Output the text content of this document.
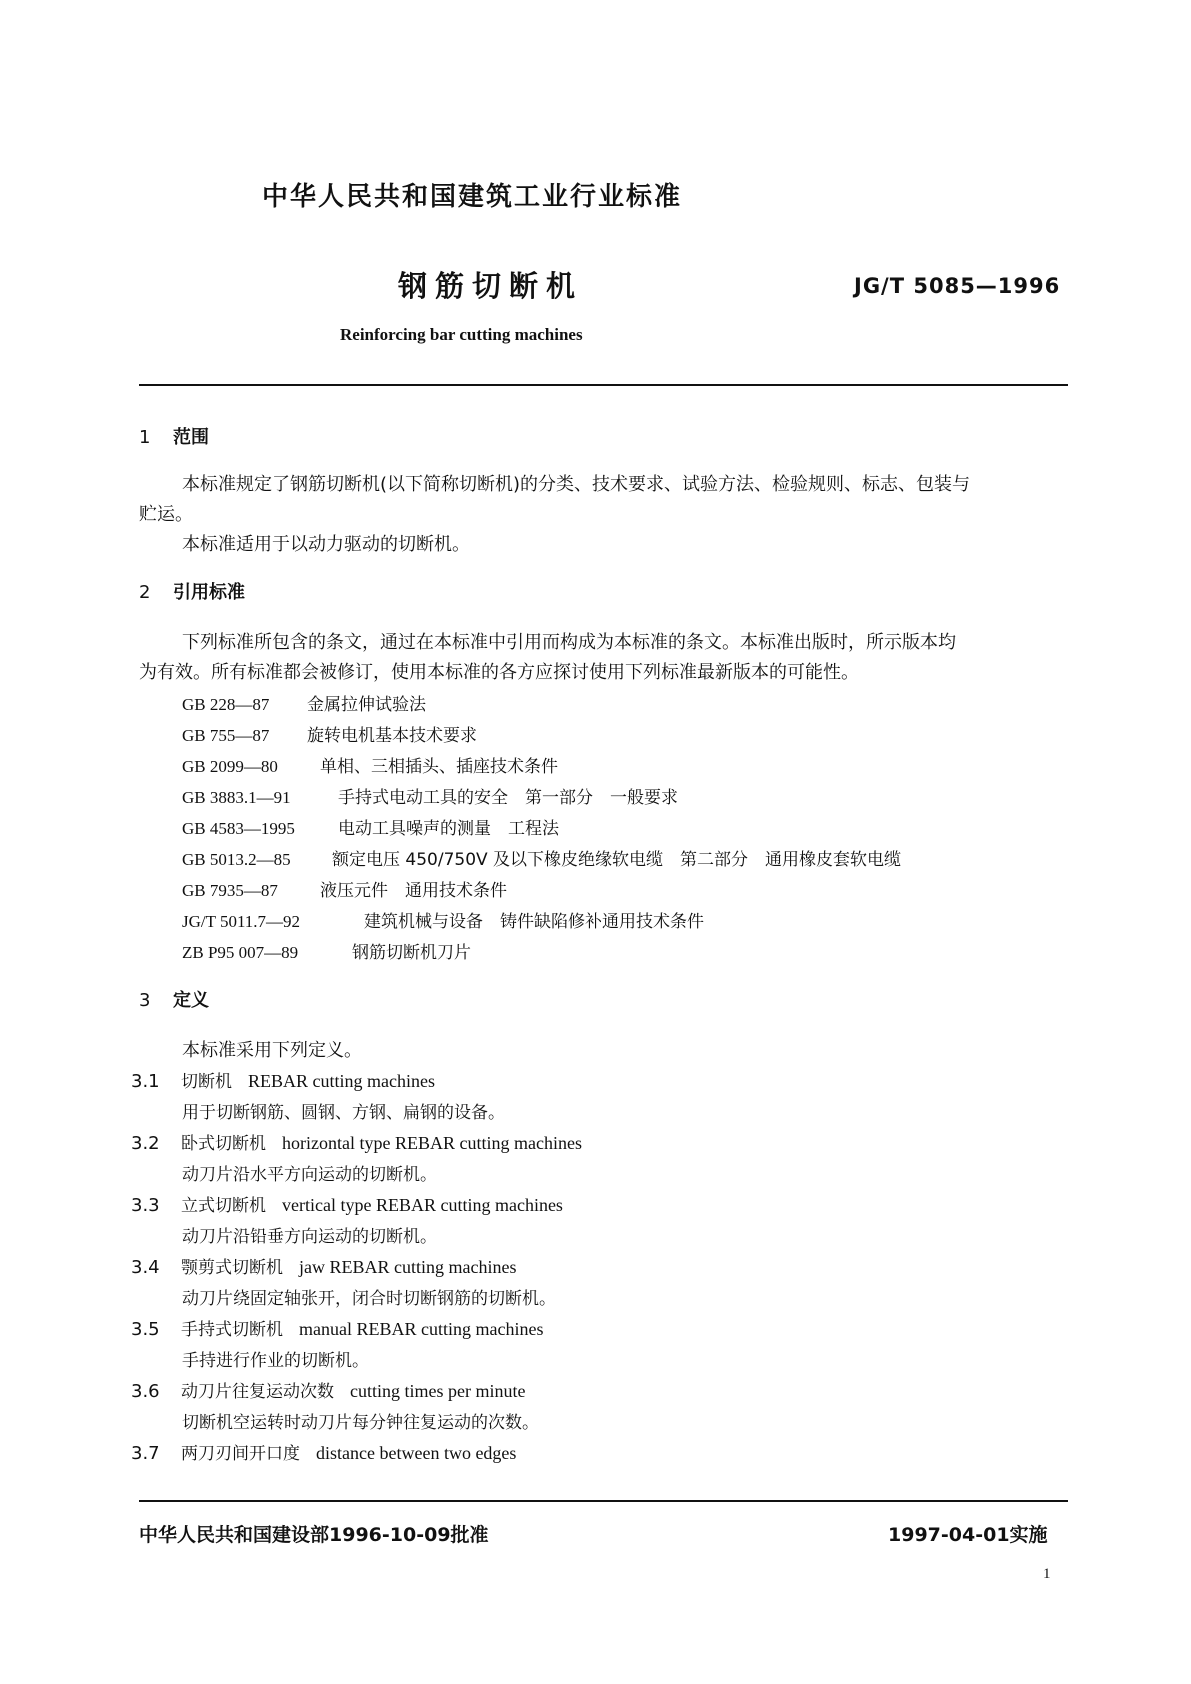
中华人民共和国建筑工业行业标准
钢筋切断机	JG/T 5085—1996
Reinforcing bar cutting machines
1 范围
本标准规定了钢筋切断机(以下简称切断机)的分类、技术要求、试验方法、检验规则、标志、包装与
贮运。
本标准适用于以动力驱动的切断机。
2 引用标准
下列标准所包含的条文，通过在本标准中引用而构成为本标准的条文。本标准出版时，所示版本均
为有效。所有标准都会被修订，使用本标准的各方应探讨使用下列标准最新版本的可能性。
GB 228—87 金属拉伸试验法
GB 755—87 旋转电机基本技术要求
GB 2099—80 单相、三相插头、插座技术条件
GB 3883.1—91	手持式电动工具的安全　第一部分　一般要求
GB 4583—1995	电动工具噪声的测量　工程法
GB 5013.2—85 额定电压 450/750V 及以下橡皮绝缘软电缆　第二部分　通用橡皮套软电缆
GB 7935—87 液压元件　通用技术条件
JG/T 5011.7—92	建筑机械与设备　铸件缺陷修补通用技术条件
ZB P95 007—89	钢筋切断机刀片
3 定义
本标准采用下列定义。
3.1 切断机 REBAR cutting machines
用于切断钢筋、圆钢、方钢、扁钢的设备。
3.2 卧式切断机 horizontal type REBAR cutting machines
动刀片沿水平方向运动的切断机。
3.3 立式切断机 vertical type REBAR cutting machines
动刀片沿铅垂方向运动的切断机。
3.4 颚剪式切断机 jaw REBAR cutting machines
动刀片绕固定轴张开，闭合时切断钢筋的切断机。
3.5 手持式切断机 manual REBAR cutting machines
手持进行作业的切断机。
3.6 动刀片往复运动次数 cutting times per minute
切断机空运转时动刀片每分钟往复运动的次数。
3.7 两刀刃间开口度 distance between two edges
中华人民共和国建设部1996-10-09批准	1997-04-01实施
1
